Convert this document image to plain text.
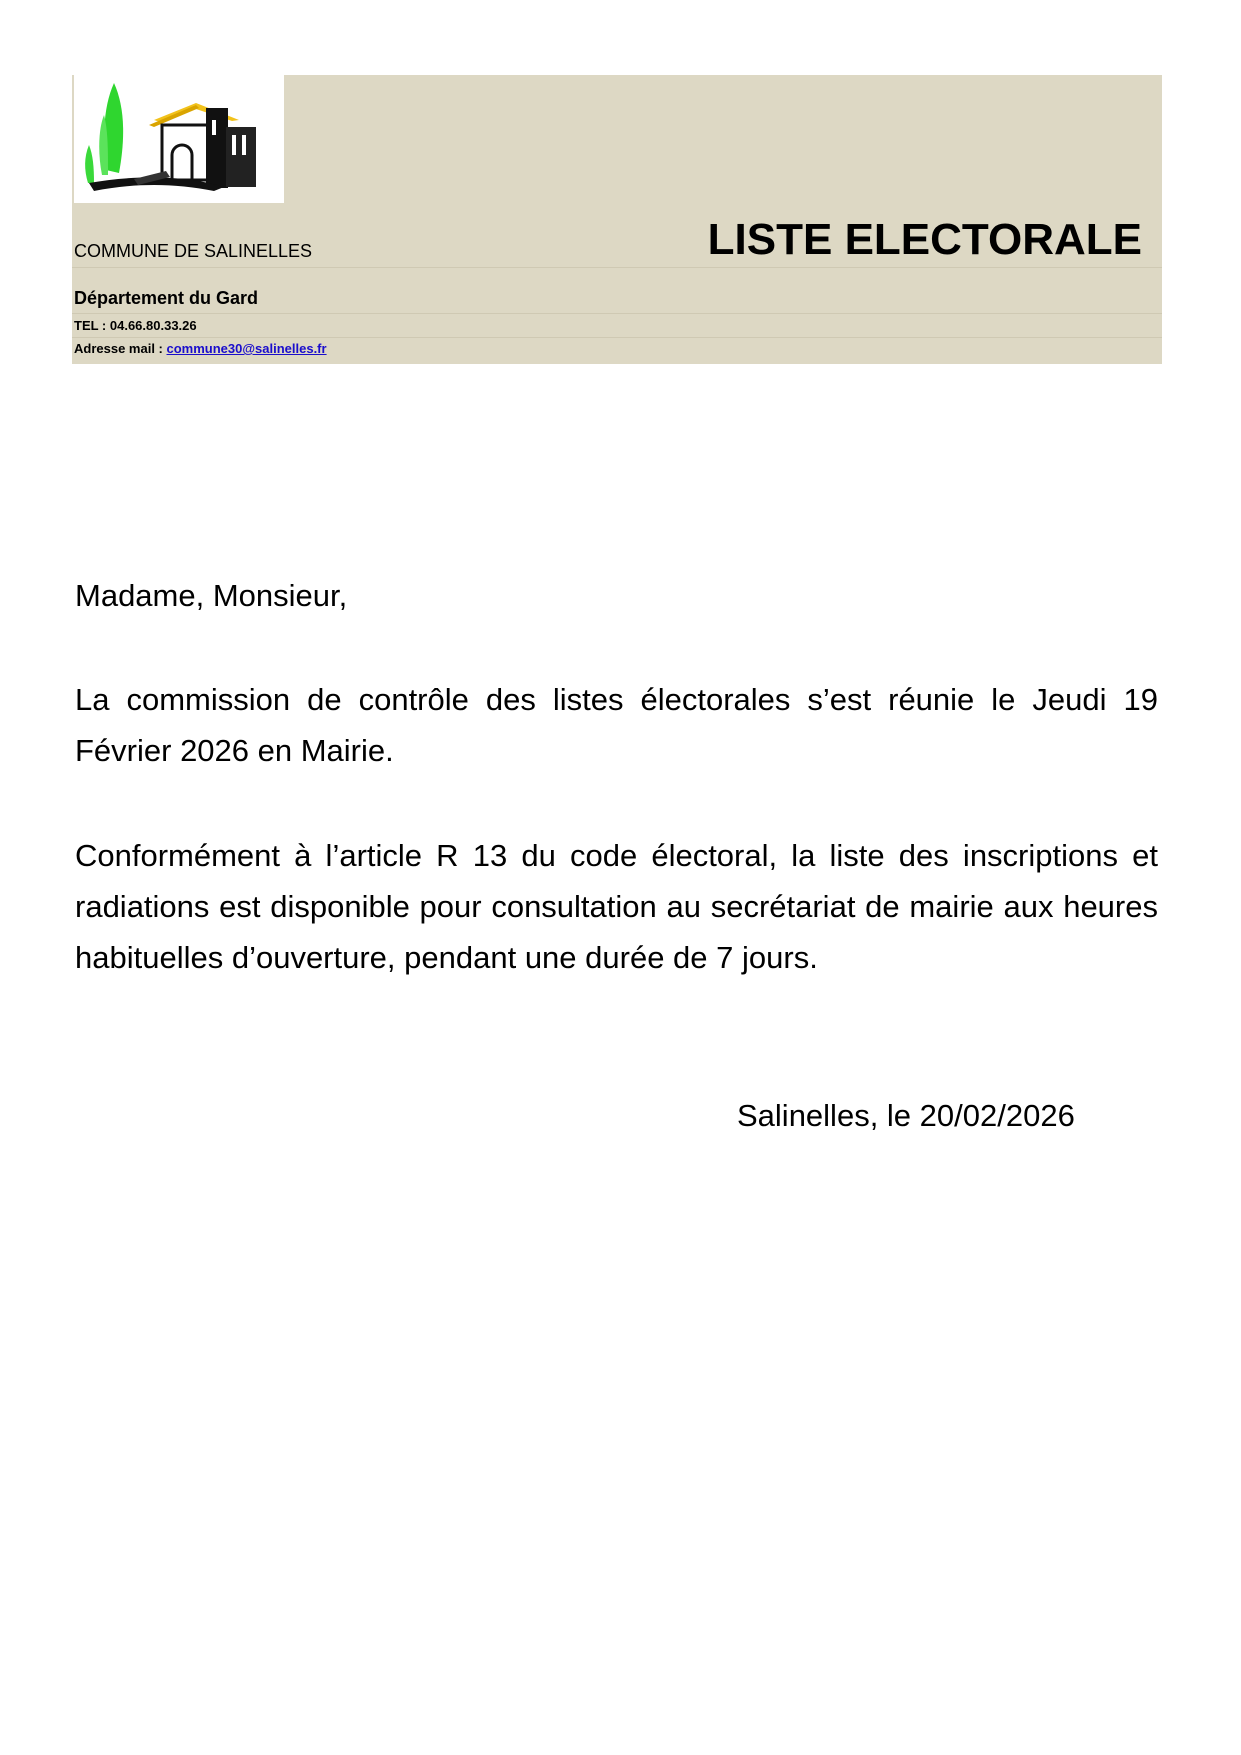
LISTE ELECTORALE
COMMUNE DE SALINELLES
Département du Gard
TEL : 04.66.80.33.26
Adresse mail : commune30@salinelles.fr
Madame, Monsieur,
La commission de contrôle des listes électorales s’est réunie le Jeudi 19 Février 2026 en Mairie.
Conformément à l’article R 13 du code électoral, la liste des inscriptions et radiations est disponible pour consultation au secrétariat de mairie aux heures habituelles d’ouverture, pendant une durée de 7 jours.
Salinelles, le 20/02/2026
